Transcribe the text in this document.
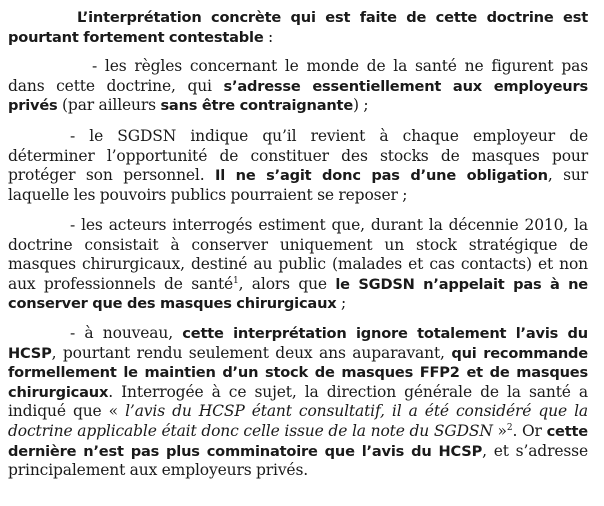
L’interprétation concrète qui est faite de cette doctrine est pourtant fortement contestable :

- les règles concernant le monde de la santé ne figurent pas dans cette doctrine, qui s’adresse essentiellement aux employeurs privés (par ailleurs sans être contraignante) ;

- le SGDSN indique qu’il revient à chaque employeur de déterminer l’opportunité de constituer des stocks de masques pour protéger son personnel. Il ne s’agit donc pas d’une obligation, sur laquelle les pouvoirs publics pourraient se reposer ;

- les acteurs interrogés estiment que, durant la décennie 2010, la doctrine consistait à conserver uniquement un stock stratégique de masques chirurgicaux, destiné au public (malades et cas contacts) et non aux professionnels de santé$^1$, alors que le SGDSN n’appelait pas à ne conserver que des masques chirurgicaux ;

- à nouveau, cette interprétation ignore totalement l’avis du HCSP, pourtant rendu seulement deux ans auparavant, qui recommande formellement le maintien d’un stock de masques FFP2 et de masques chirurgicaux. Interrogée à ce sujet, la direction générale de la santé a indiqué que « l’avis du HCSP étant consultatif, il a été considéré que la doctrine applicable était donc celle issue de la note du SGDSN »$^2$. Or cette dernière n’est pas plus comminatoire que l’avis du HCSP, et s’adresse principalement aux employeurs privés.
